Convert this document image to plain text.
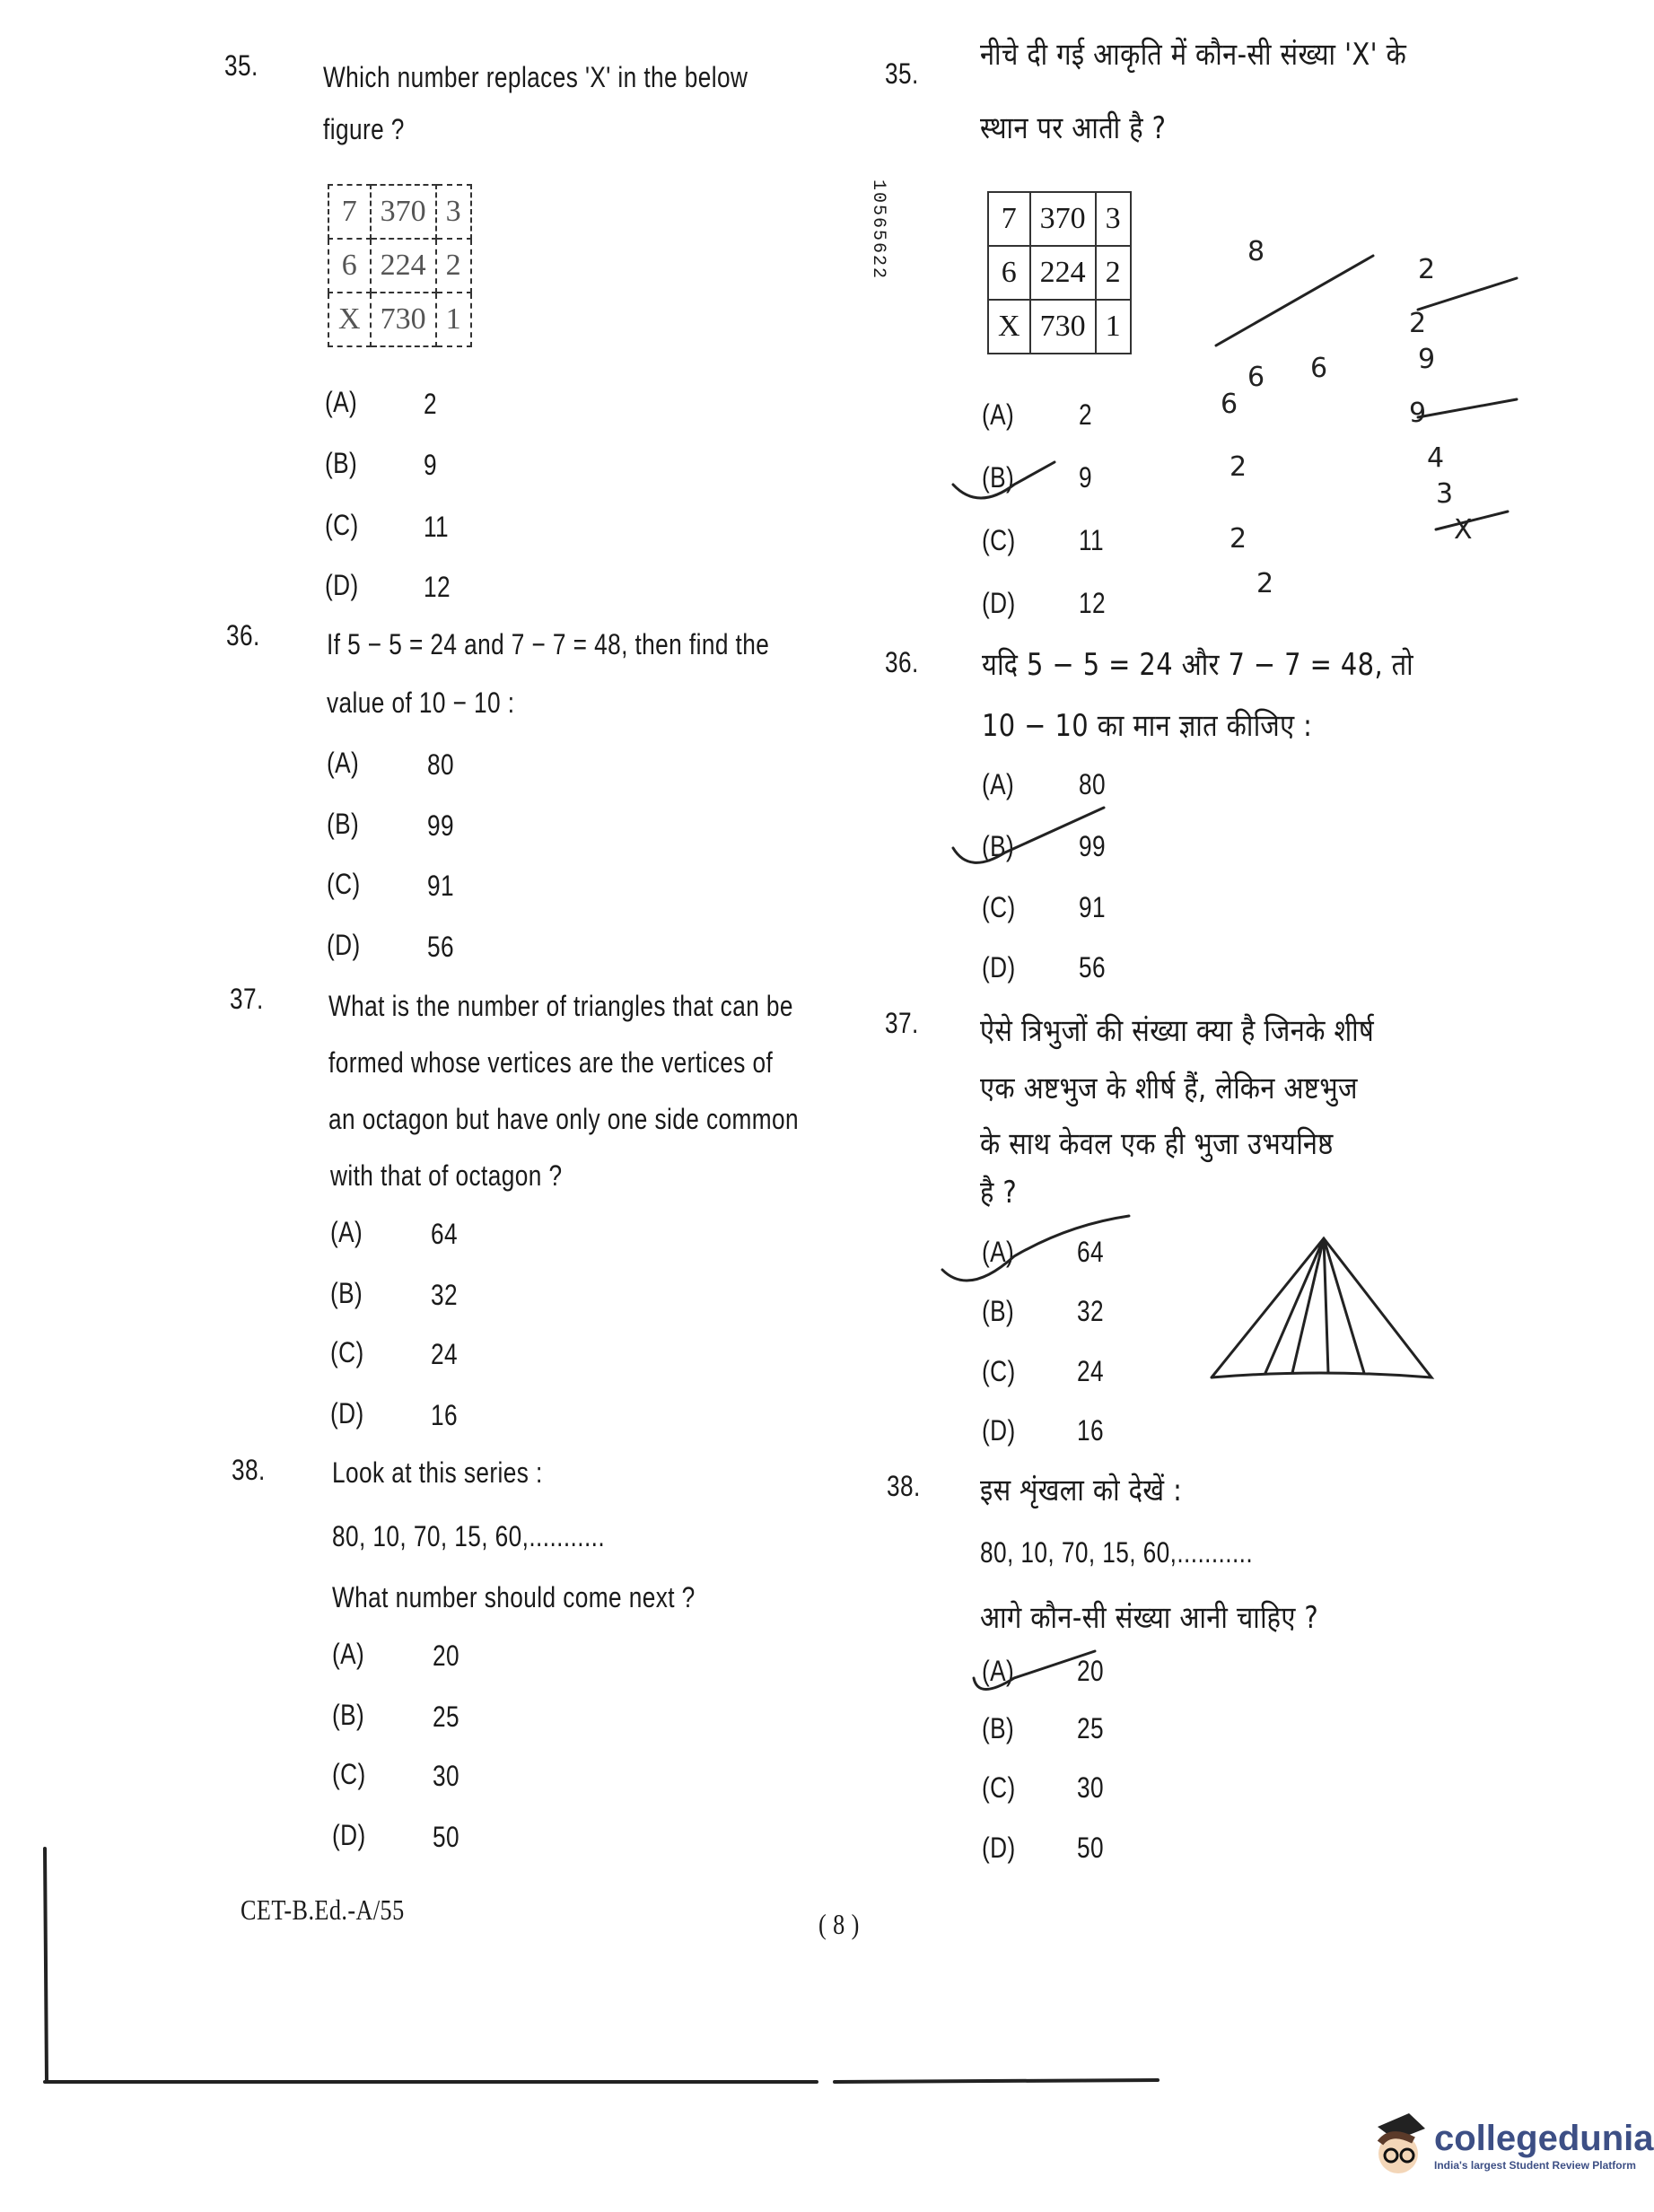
35. Which number replaces 'X' in the below
figure ?
7	370	3
6	224	2
X	730	1
(A) 2
(B) 9
(C) 11
(D) 12
36. If 5 − 5 = 24 and 7 − 7 = 48, then find the
value of 10 − 10 :
(A) 80
(B) 99
(C) 91
(D) 56
37. What is the number of triangles that can be
formed whose vertices are the vertices of
an octagon but have only one side common
with that of octagon ?
(A) 64
(B) 32
(C) 24
(D) 16
38. Look at this series :
80, 10, 70, 15, 60,...........
What number should come next ?
(A) 20
(B) 25
(C) 30
(D) 50
10565622
35.
नीचे दी गई आकृति में कौन-सी संख्या 'X' के
स्थान पर आती है ?
7	370	3
6	224	2
X	730	1
(A) 2
(B) 9
(C) 11
(D) 12
36. यदि 5 − 5 = 24 और 7 − 7 = 48, तो
10 − 10 का मान ज्ञात कीजिए :
(A) 80
(B) 99
(C) 91
(D) 56
37. ऐसे त्रिभुजों की संख्या क्या है जिनके शीर्ष
एक अष्टभुज के शीर्ष हैं, लेकिन अष्टभुज
के साथ केवल एक ही भुजा उभयनिष्ठ
है ?
(A) 64
(B) 32
(C) 24
(D) 16
38. इस शृंखला को देखें :
80, 10, 70, 15, 60,...........
आगे कौन-सी संख्या आनी चाहिए ?
(A) 20
(B) 25
(C) 30
(D) 50
8
6
6 6
2
2
2
2
2
9
9
4
3
X
CET-B.Ed.-A/55	( 8 )
collegedunia
India's largest Student Review Platform
